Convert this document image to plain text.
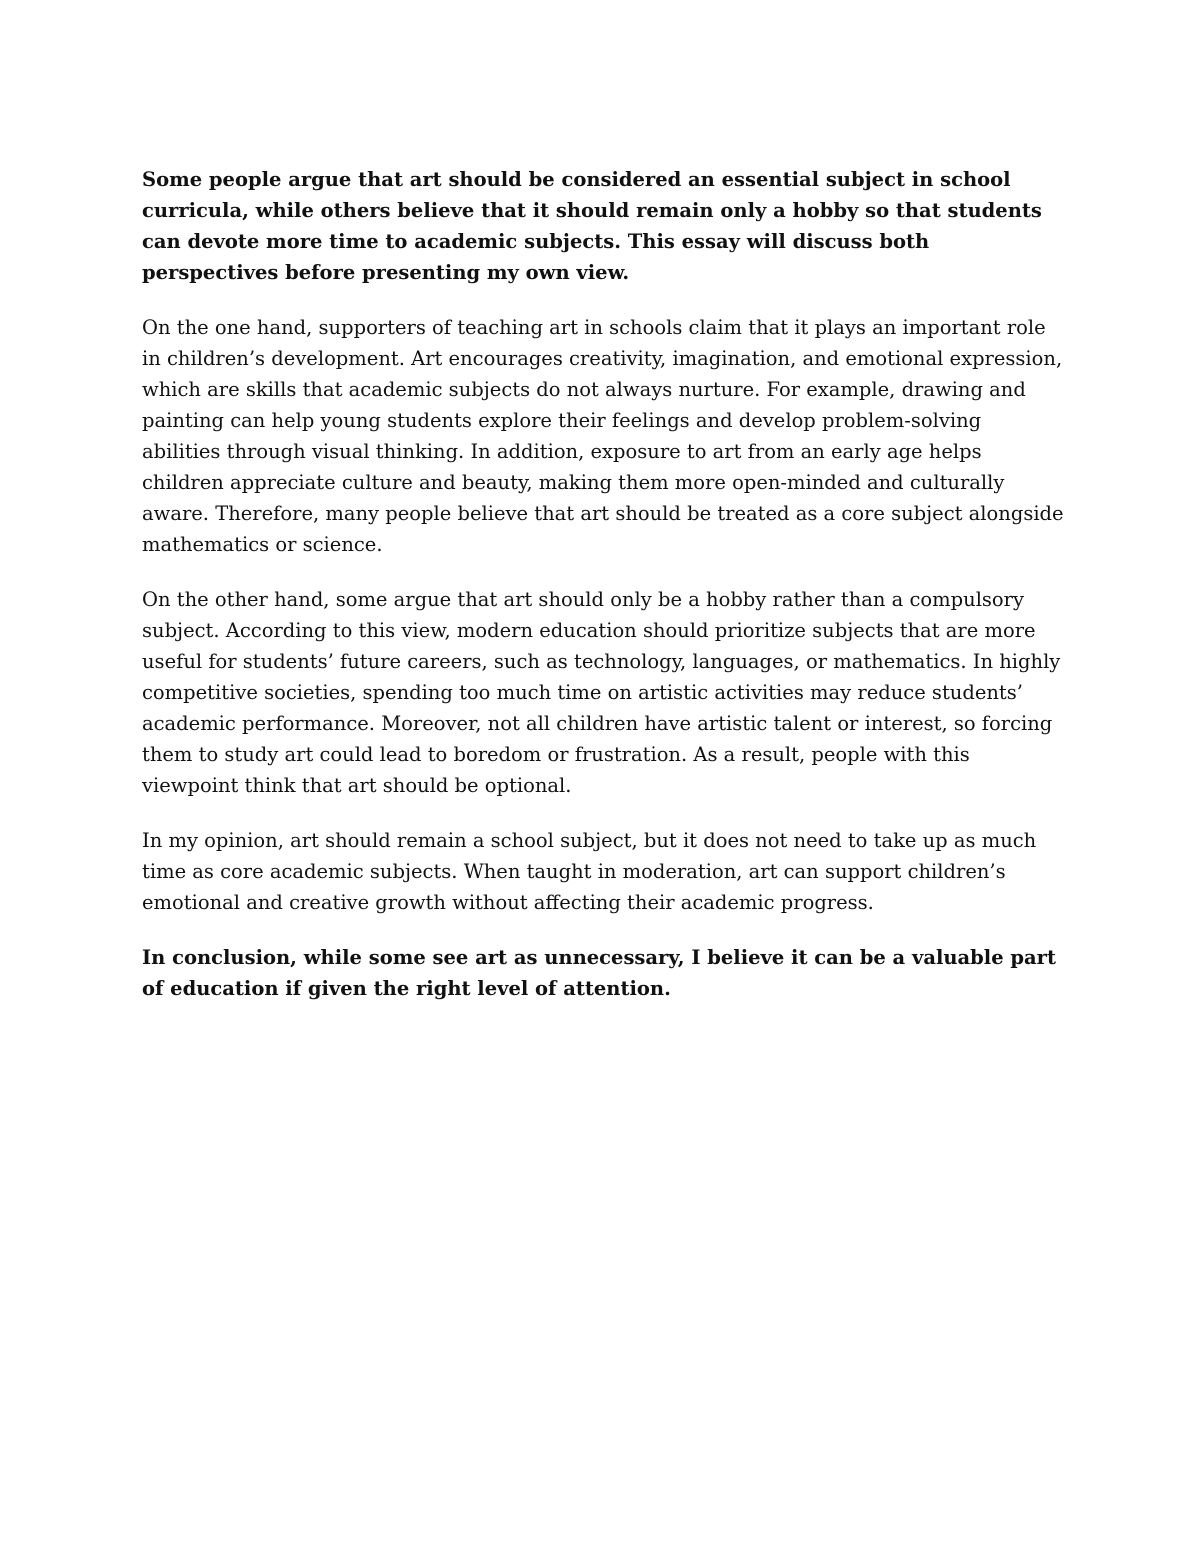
Some people argue that art should be considered an essential subject in school curricula, while others believe that it should remain only a hobby so that students can devote more time to academic subjects. This essay will discuss both perspectives before presenting my own view.

On the one hand, supporters of teaching art in schools claim that it plays an important role in children’s development. Art encourages creativity, imagination, and emotional expression, which are skills that academic subjects do not always nurture. For example, drawing and painting can help young students explore their feelings and develop problem-solving abilities through visual thinking. In addition, exposure to art from an early age helps children appreciate culture and beauty, making them more open-minded and culturally aware. Therefore, many people believe that art should be treated as a core subject alongside mathematics or science.

On the other hand, some argue that art should only be a hobby rather than a compulsory subject. According to this view, modern education should prioritize subjects that are more useful for students’ future careers, such as technology, languages, or mathematics. In highly competitive societies, spending too much time on artistic activities may reduce students’ academic performance. Moreover, not all children have artistic talent or interest, so forcing them to study art could lead to boredom or frustration. As a result, people with this viewpoint think that art should be optional.

In my opinion, art should remain a school subject, but it does not need to take up as much time as core academic subjects. When taught in moderation, art can support children’s emotional and creative growth without affecting their academic progress.

In conclusion, while some see art as unnecessary, I believe it can be a valuable part of education if given the right level of attention.
